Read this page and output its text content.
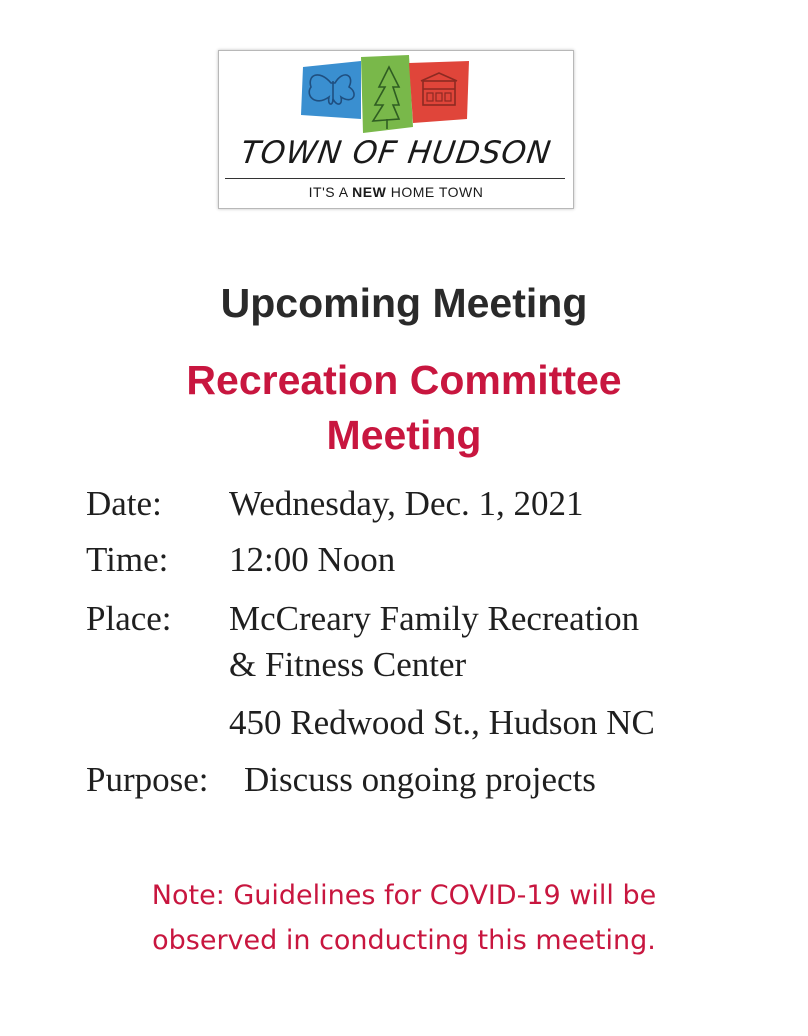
TOWN OF HUDSON
IT'S A NEW HOME TOWN
Upcoming Meeting
Recreation Committee
Meeting
Date: Wednesday, Dec. 1, 2021
Time: 12:00 Noon
Place: McCreary Family Recreation
& Fitness Center
450 Redwood St., Hudson NC
Purpose: Discuss ongoing projects
Note: Guidelines for COVID-19 will be
observed in conducting this meeting.
